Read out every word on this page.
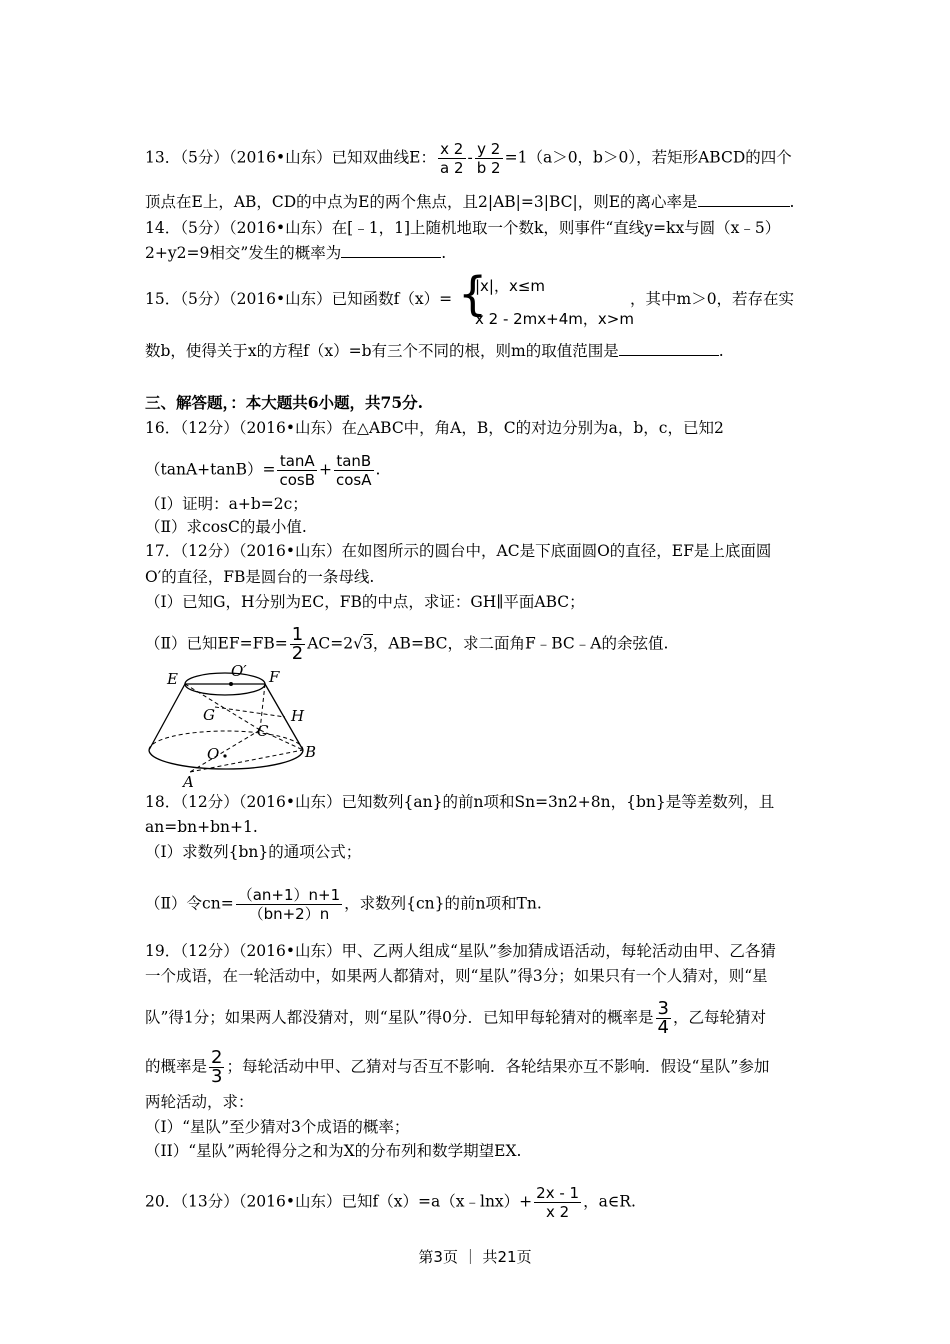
13．（5分）（2016•山东）已知双曲线E： $\frac{x 2}{a 2} - \frac{y 2}{b 2} =1(a>0$，b＞0），若矩形ABCD的四个
顶点在E上，AB，CD的中点为E的两个焦点，且2|AB|=3|BC|，则E的离心率是	.
14．（5分）（2016•山东）在[﹣1，1]上随机地取一个数k，则事件“直线y=kx与圆（x﹣5）
2+y2=9相交”发生的概率为	.
15．（5分）（2016•山东）已知函数f（x）= {
|x|，x≤m
x 2 - 2mx+4m，x>m
，其中m＞0，若存在实
数b，使得关于x的方程f（x）=b有三个不同的根，则m的取值范围是	.
三、解答题，：本大题共6小题，共75分.
16．（12分）（2016•山东）在△ABC中，角A，B，C的对边分别为a，b，c，已知2
$(\tan A+\tan B)= \frac{\tan A}{\cos B} + \frac{\tan B}{\cos A}$ .
（Ⅰ）证明：a+b=2c；
（Ⅱ）求cosC的最小值.
17．（12分）（2016•山东）在如图所示的圆台中，AC是下底面圆O的直径，EF是上底面圆
O′的直径，FB是圆台的一条母线.
（I）已知G，H分别为EC，FB的中点，求证：GH∥平面ABC；
（Ⅱ）已知$EF=FB= \frac{1}{2} AC=2√3$，AB=BC，求二面角F﹣BC﹣A的余弦值.
E	O′ F
G	H
C
O	B
A
18．（12分）（2016•山东）已知数列{an}的前n项和Sn=3n2+8n，{bn}是等差数列，且
an=bn+bn+1.
（Ⅰ）求数列{bn}的通项公式；
（Ⅱ）令$cn= \frac{(an+1)n+1}{(bn+2)n}$ ，求数列{cn}的前n项和Tn.
19．（12分）（2016•山东）甲、乙两人组成“星队”参加猜成语活动，每轮活动由甲、乙各猜
一个成语，在一轮活动中，如果两人都猜对，则“星队”得3分；如果只有一个人猜对，则“星
队”得1分；如果两人都没猜对，则“星队”得0分．已知甲每轮猜对的概率是 $\frac{3}{4}$ ，乙每轮猜对
的概率是 $\frac{2}{3}$ ；每轮活动中甲、乙猜对与否互不影响．各轮结果亦互不影响．假设“星队”参加
两轮活动，求：
（I）“星队”至少猜对3个成语的概率；
（II）“星队”两轮得分之和为X的分布列和数学期望EX.
20．（13分）（2016•山东）已知f（x）=a（x﹣lnx）+ $\frac{2x - 1}{x 2}$ ，a∈R.
第3页 ｜ 共21页
